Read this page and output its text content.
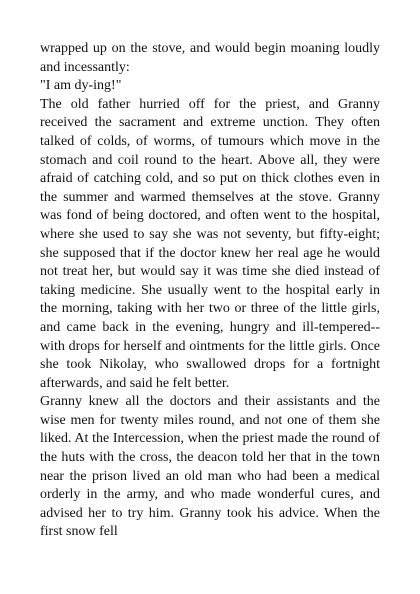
wrapped up on the stove, and would begin moaning loudly and incessantly:

"I am dy-ing!"

The old father hurried off for the priest, and Granny received the sacrament and extreme unction. They often talked of colds, of worms, of tumours which move in the stomach and coil round to the heart. Above all, they were afraid of catching cold, and so put on thick clothes even in the summer and warmed themselves at the stove. Granny was fond of being doctored, and often went to the hospital, where she used to say she was not seventy, but fifty-eight; she supposed that if the doctor knew her real age he would not treat her, but would say it was time she died instead of taking medicine. She usually went to the hospital early in the morning, taking with her two or three of the little girls, and came back in the evening, hungry and ill-tempered--with drops for herself and ointments for the little girls. Once she took Nikolay, who swallowed drops for a fortnight afterwards, and said he felt better.

Granny knew all the doctors and their assistants and the wise men for twenty miles round, and not one of them she liked. At the Intercession, when the priest made the round of the huts with the cross, the deacon told her that in the town near the prison lived an old man who had been a medical orderly in the army, and who made wonderful cures, and advised her to try him. Granny took his advice. When the first snow fell
